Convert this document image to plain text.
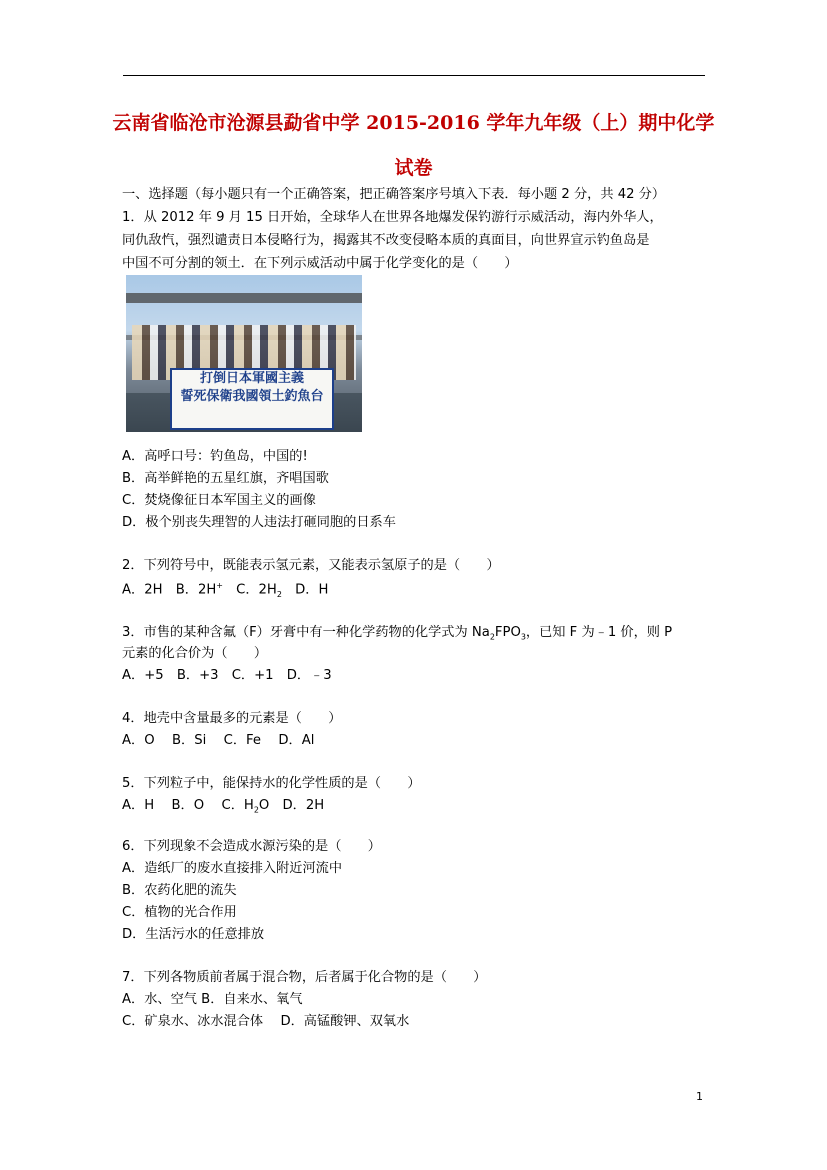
云南省临沧市沧源县勐省中学 2015-2016 学年九年级（上）期中化学
试卷
一、选择题（每小题只有一个正确答案，把正确答案序号填入下表．每小题 2 分，共 42 分）
1．从 2012 年 9 月 15 日开始，全球华人在世界各地爆发保钓游行示威活动，海内外华人，
同仇敌忾，强烈谴责日本侵略行为，揭露其不改变侵略本质的真面目，向世界宣示钓鱼岛是
中国不可分割的领土．在下列示威活动中属于化学变化的是（　　）
打倒日本軍國主義
誓死保衛我國領土釣魚台
A．高呼口号：钓鱼岛，中国的!
B．高举鲜艳的五星红旗，齐唱国歌
C．焚烧像征日本军国主义的画像
D．极个别丧失理智的人违法打砸同胞的日系车
2．下列符号中，既能表示氢元素，又能表示氢原子的是（　　）
A．2H　 B．2H+　 C．$2H_2$　 D．H
3．市售的某种含氟（F）牙膏中有一种化学药物的化学式为 $Na_2FPO_3$，已知 F 为﹣1 价，则 P
元素的化合价为（　　）
A．+5　B．+3　C．+1　D．﹣3
4．地壳中含量最多的元素是（　　）
A．O　 B．Si　 C．Fe　 D．Al
5．下列粒子中，能保持水的化学性质的是（　　）
A．H　 B．O　 C．$H_2O$　D．2H
6．下列现象不会造成水源污染的是（　　）
A．造纸厂的废水直接排入附近河流中
B．农药化肥的流失
C．植物的光合作用
D．生活污水的任意排放
7．下列各物质前者属于混合物，后者属于化合物的是（　　）
A．水、空气 B．自来水、氧气
C．矿泉水、冰水混合体　 D．高锰酸钾、双氧水
1
